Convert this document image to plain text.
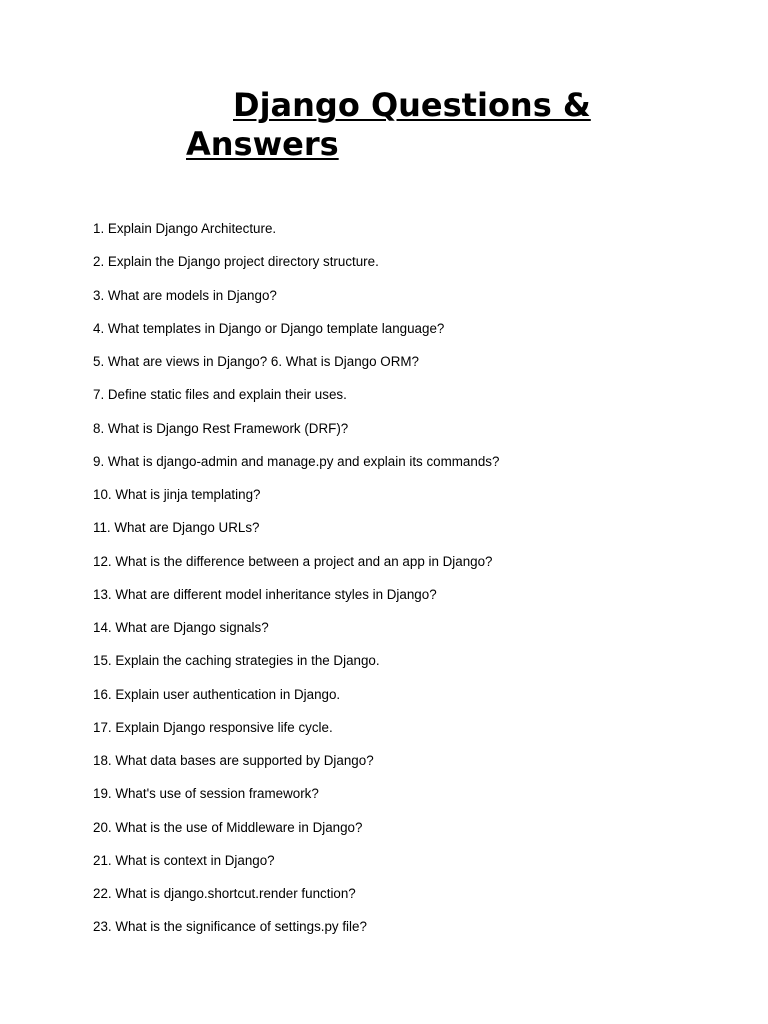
Django Questions & Answers
1. Explain Django Architecture.
2. Explain the Django project directory structure.
3. What are models in Django?
4. What templates in Django or Django template language?
5. What are views in Django? 6. What is Django ORM?
7. Define static files and explain their uses.
8. What is Django Rest Framework (DRF)?
9. What is django-admin and manage.py and explain its commands?
10. What is jinja templating?
11. What are Django URLs?
12. What is the difference between a project and an app in Django?
13. What are different model inheritance styles in Django?
14. What are Django signals?
15. Explain the caching strategies in the Django.
16. Explain user authentication in Django.
17. Explain Django responsive life cycle.
18. What data bases are supported by Django?
19. What's use of session framework?
20. What is the use of Middleware in Django?
21. What is context in Django?
22. What is django.shortcut.render function?
23. What is the significance of settings.py file?
